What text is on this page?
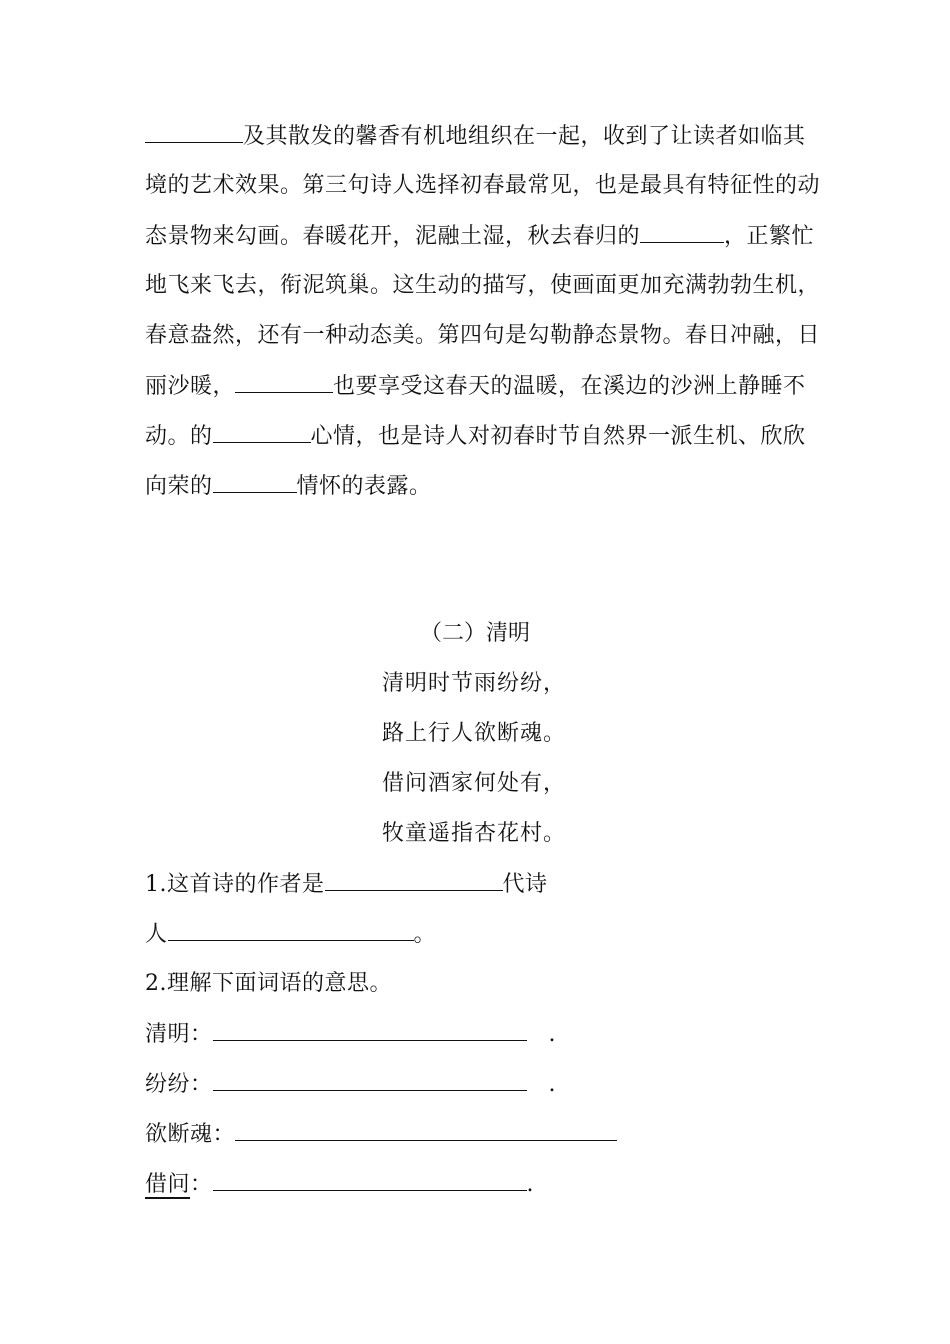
及其散发的馨香有机地组织在一起，收到了让读者如临其
境的艺术效果。第三句诗人选择初春最常见，也是最具有特征性的动
态景物来勾画。春暖花开，泥融土湿，秋去春归的	，正繁忙
地飞来飞去，衔泥筑巢。这生动的描写，使画面更加充满勃勃生机，
春意盎然，还有一种动态美。第四句是勾勒静态景物。春日冲融，日
丽沙暖，	也要享受这春天的温暖，在溪边的沙洲上静睡不
动。的	心情，也是诗人对初春时节自然界一派生机、欣欣
向荣的	情怀的表露。
（二）清明
清明时节雨纷纷，
路上行人欲断魂。
借问酒家何处有，
牧童遥指杏花村。
1.这首诗的作者是	代诗
人	。
2.理解下面词语的意思。
清明：	.
纷纷：	.
欲断魂：
借问：	.
